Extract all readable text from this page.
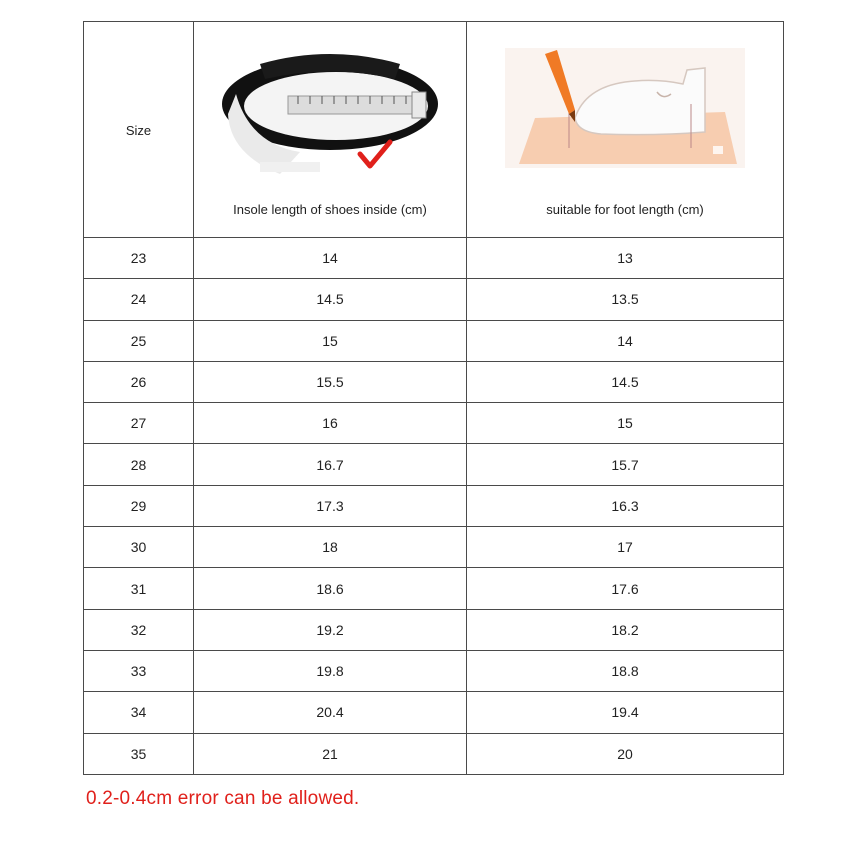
Size	Insole length of shoes inside (cm)	suitable for foot length (cm)

23	14	13
24	14.5	13.5
25	15	14
26	15.5	14.5
27	16	15
28	16.7	15.7
29	17.3	16.3
30	18	17
31	18.6	17.6
32	19.2	18.2
33	19.8	18.8
34	20.4	19.4
35	21	20
0.2-0.4cm error can be allowed.
